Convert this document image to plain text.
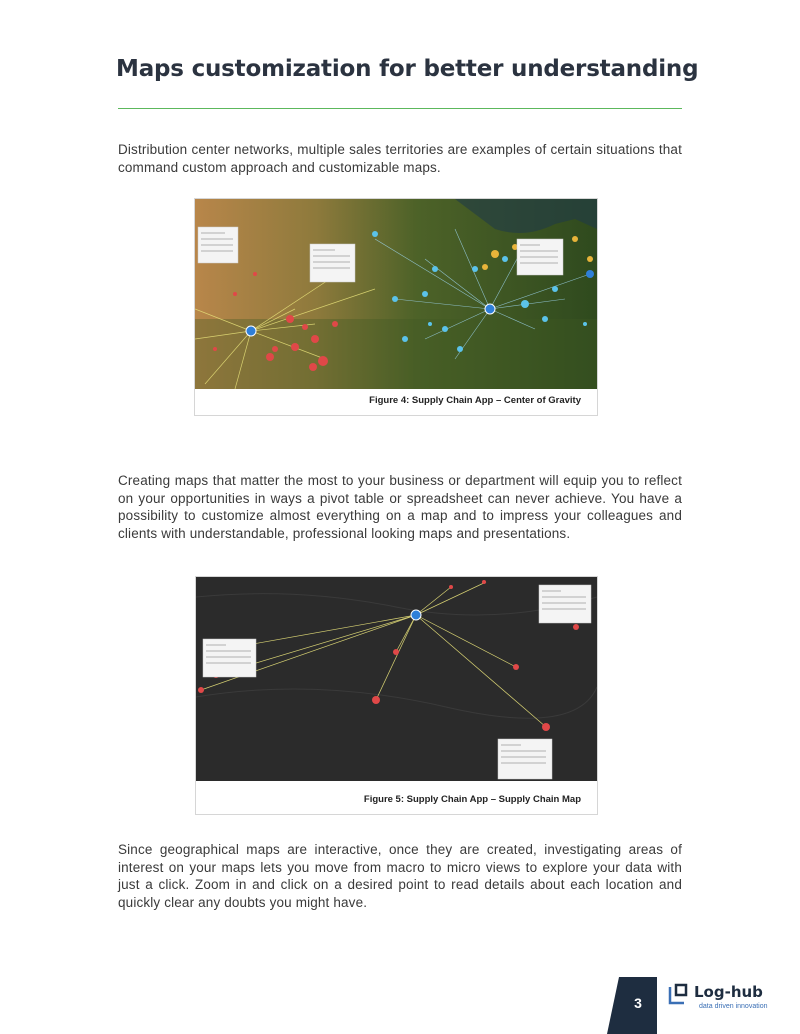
Maps customization for better understanding
Distribution center networks, multiple sales territories are examples of certain situations that command custom approach and customizable maps.
Figure 4: Supply Chain App – Center of Gravity
Creating maps that matter the most to your business or department will equip you to reflect on your opportunities in ways a pivot table or spreadsheet can never achieve. You have a possibility to customize almost everything on a map and to impress your colleagues and clients with understandable, professional looking maps and presentations.
Figure 5: Supply Chain App – Supply Chain Map
Since geographical maps are interactive, once they are created, investigating areas of interest on your maps lets you move from macro to micro views to explore your data with just a click. Zoom in and click on a desired point to read details about each location and quickly clear any doubts you might have.
3
Log-hub
data driven innovation
